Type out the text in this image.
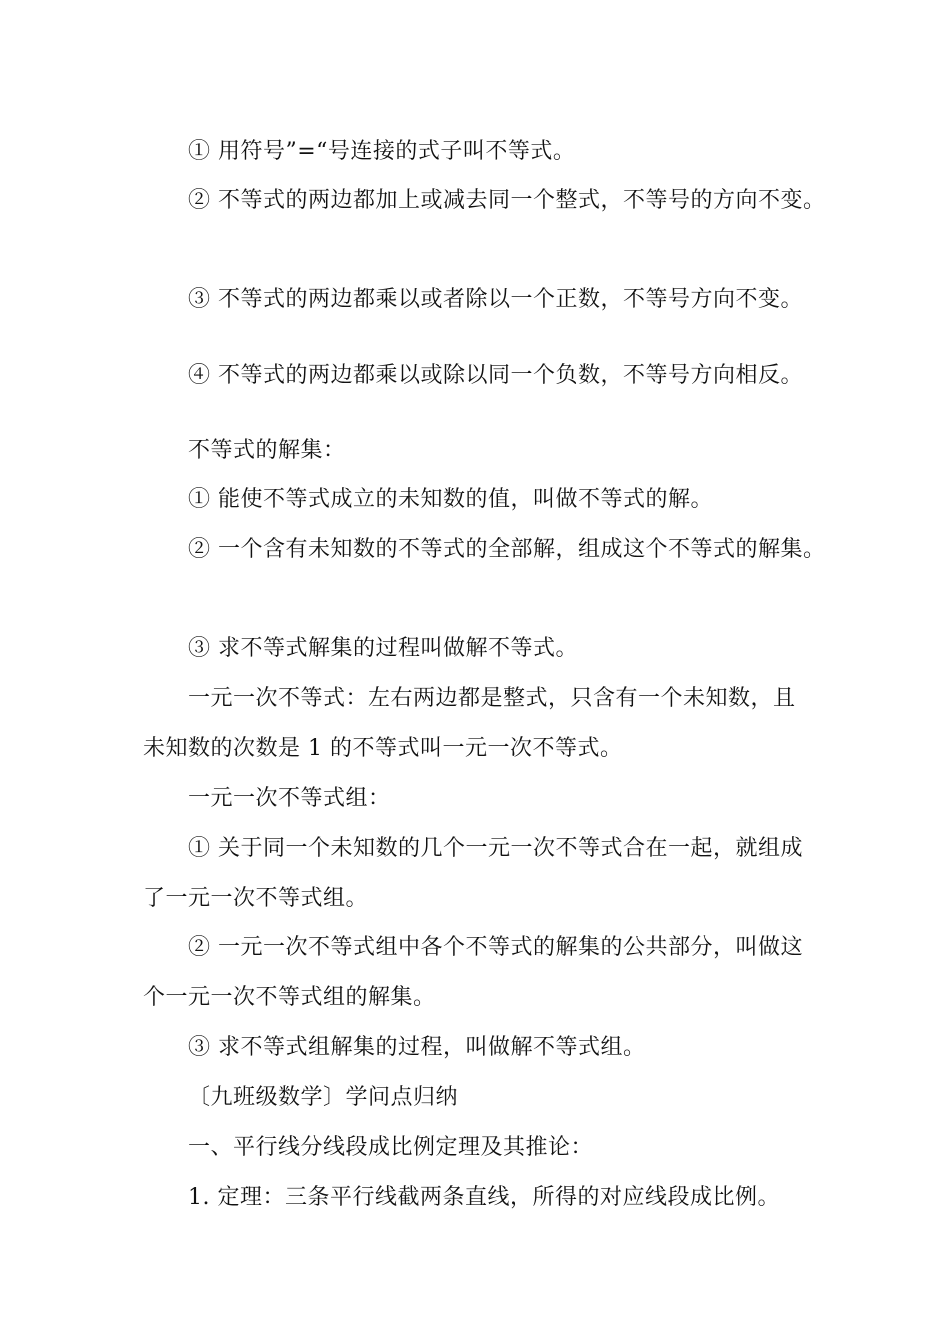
① 用符号”=“号连接的式子叫不等式。
② 不等式的两边都加上或减去同一个整式，不等号的方向不变。
③ 不等式的两边都乘以或者除以一个正数，不等号方向不变。
④ 不等式的两边都乘以或除以同一个负数，不等号方向相反。
不等式的解集：
① 能使不等式成立的未知数的值，叫做不等式的解。
② 一个含有未知数的不等式的全部解，组成这个不等式的解集。
③ 求不等式解集的过程叫做解不等式。
一元一次不等式：左右两边都是整式，只含有一个未知数，且
未知数的次数是 1 的不等式叫一元一次不等式。
一元一次不等式组：
① 关于同一个未知数的几个一元一次不等式合在一起，就组成
了一元一次不等式组。
② 一元一次不等式组中各个不等式的解集的公共部分，叫做这
个一元一次不等式组的解集。
③ 求不等式组解集的过程，叫做解不等式组。
〔九班级数学〕学问点归纳
一、平行线分线段成比例定理及其推论：
1. 定理：三条平行线截两条直线，所得的对应线段成比例。
